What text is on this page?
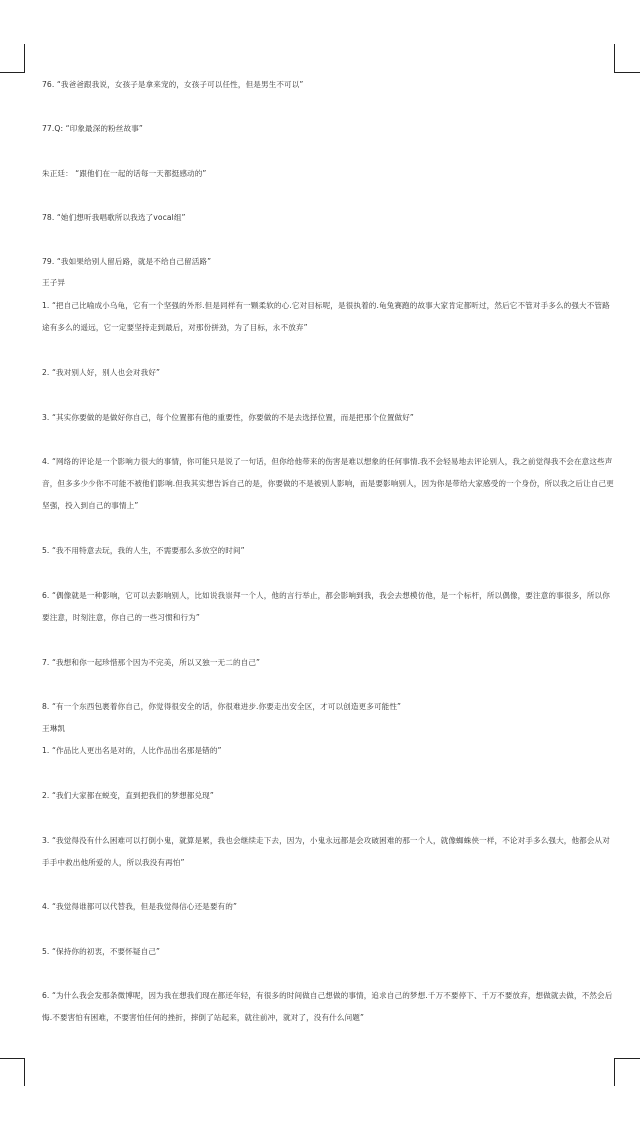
76. “我爸爸跟我说，女孩子是拿来宠的，女孩子可以任性，但是男生不可以”
77.Q: “印象最深的粉丝故事”
朱正廷： “跟他们在一起的话每一天都挺感动的”
78. “她们想听我唱歌所以我选了vocal组”
79. “我如果给别人留后路，就是不给自己留活路”
王子异
1. “把自己比喻成小乌龟，它有一个坚强的外形.但是同样有一颗柔软的心.它对目标呢，是很执着的.龟兔赛跑的故事大家肯定都听过，然后它不管对手多么的强大不管路途有多么的遥远，它一定要坚持走到最后，对那份拼劲，为了目标，永不放弃”
2. “我对别人好，别人也会对我好”
3. “其实你要做的是做好你自己，每个位置都有他的重要性，你要做的不是去选择位置，而是把那个位置做好”
4. “网络的评论是一个影响力很大的事情，你可能只是说了一句话，但你给他带来的伤害是难以想象的任何事情.我不会轻易地去评论别人，我之前觉得我不会在意这些声音，但多多少少你不可能不被他们影响.但我其实想告诉自己的是，你要做的不是被别人影响，而是要影响别人，因为你是带给大家感受的一个身份，所以我之后让自己更坚强，投入到自己的事情上”
5. “我不用特意去玩，我的人生，不需要那么多放空的时间”
6. “偶像就是一种影响，它可以去影响别人，比如说我崇拜一个人，他的言行举止，都会影响到我，我会去想模仿他，是一个标杆，所以偶像，要注意的事很多，所以你要注意，时刻注意，你自己的一些习惯和行为”
7. “我想和你一起珍惜那个因为不完美，所以又独一无二的自己”
8. “有一个东西包裹着你自己，你觉得很安全的话，你很难进步.你要走出安全区，才可以创造更多可能性”
王琳凯
1. “作品比人更出名是对的，人比作品出名那是错的”
2. “我们大家都在蜕变，直到把我们的梦想都兑现”
3. “我觉得没有什么困难可以打倒小鬼，就算是累，我也会继续走下去，因为，小鬼永远都是会攻破困难的那一个人，就像蜘蛛侠一样，不论对手多么强大，他都会从对手手中救出他所爱的人，所以我没有再怕”
4. “我觉得谁都可以代替我，但是我觉得信心还是要有的”
5. “保持你的初衷，不要怀疑自己”
6. “为什么我会发那条微博呢，因为我在想我们现在都还年轻，有很多的时间做自己想做的事情，追求自己的梦想.千万不要停下、千万不要放弃，想做就去做，不然会后悔.不要害怕有困难，不要害怕任何的挫折，摔倒了站起来，就往前冲，就对了，没有什么问题”
